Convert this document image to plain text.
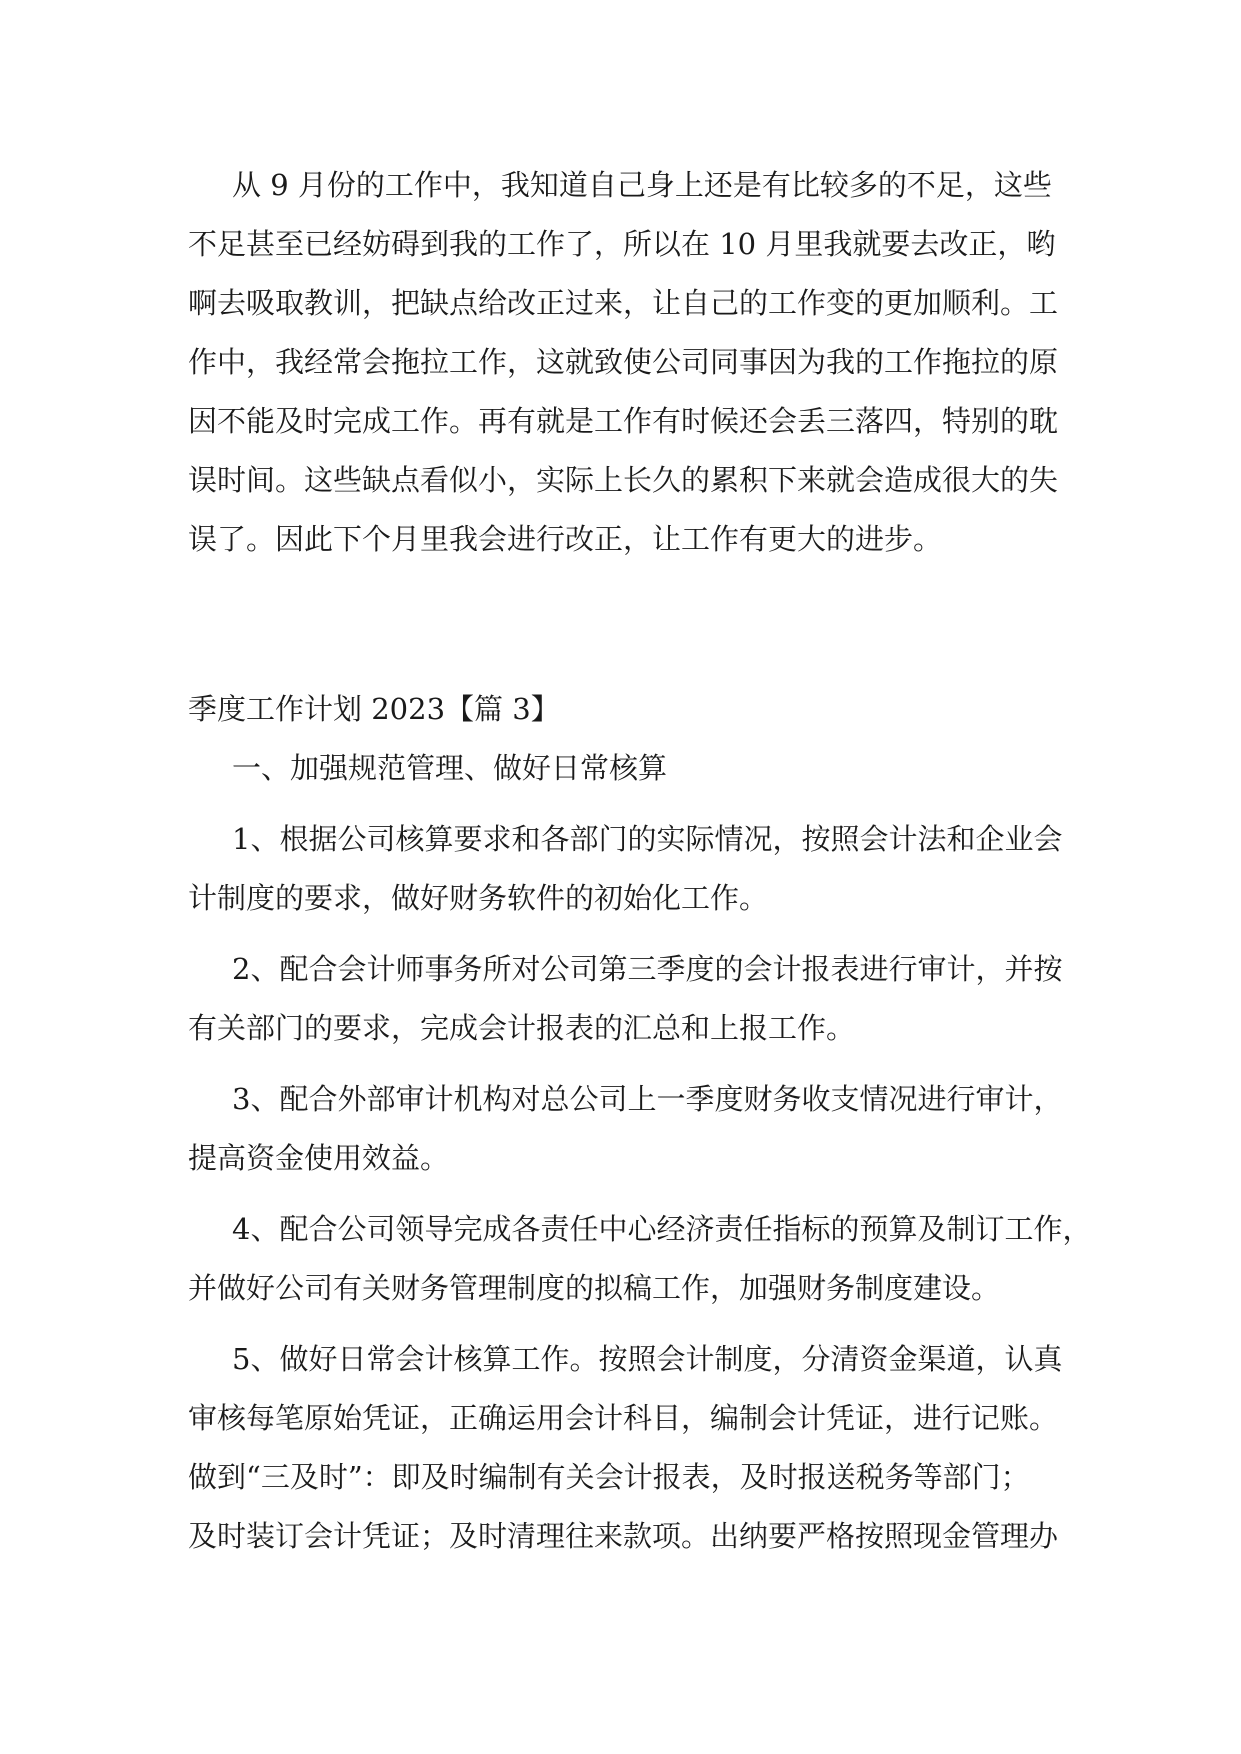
从 9 月份的工作中，我知道自己身上还是有比较多的不足，这些
不足甚至已经妨碍到我的工作了，所以在 10 月里我就要去改正，哟
啊去吸取教训，把缺点给改正过来，让自己的工作变的更加顺利。工
作中，我经常会拖拉工作，这就致使公司同事因为我的工作拖拉的原
因不能及时完成工作。再有就是工作有时候还会丢三落四，特别的耽
误时间。这些缺点看似小，实际上长久的累积下来就会造成很大的失
误了。因此下个月里我会进行改正，让工作有更大的进步。
季度工作计划 2023【篇 3】
一、加强规范管理、做好日常核算
1、根据公司核算要求和各部门的实际情况，按照会计法和企业会
计制度的要求，做好财务软件的初始化工作。
2、配合会计师事务所对公司第三季度的会计报表进行审计，并按
有关部门的要求，完成会计报表的汇总和上报工作。
3、配合外部审计机构对总公司上一季度财务收支情况进行审计，
提高资金使用效益。
4、配合公司领导完成各责任中心经济责任指标的预算及制订工作，
并做好公司有关财务管理制度的拟稿工作，加强财务制度建设。
5、做好日常会计核算工作。按照会计制度，分清资金渠道，认真
审核每笔原始凭证，正确运用会计科目，编制会计凭证，进行记账。
做到“三及时”：即及时编制有关会计报表，及时报送税务等部门；
及时装订会计凭证；及时清理往来款项。出纳要严格按照现金管理办
